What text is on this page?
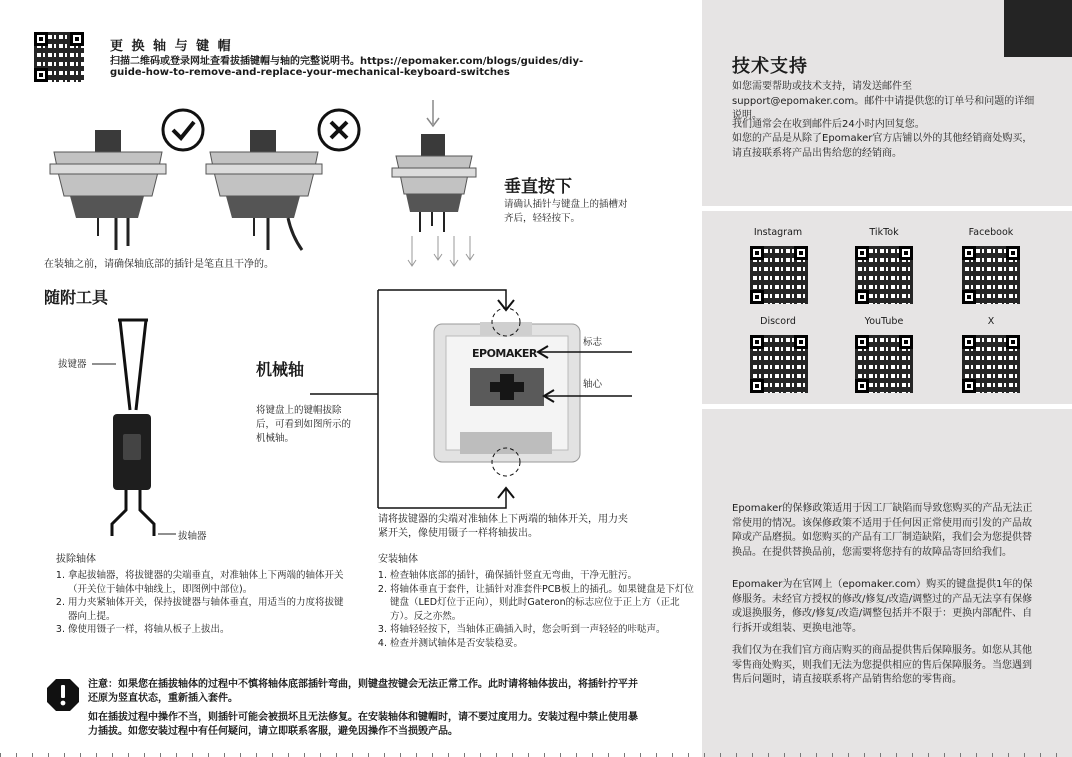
技术支持
如您需要帮助或技术支持，请发送邮件至support@epomaker.com。邮件中请提供您的订单号和问题的详细说明。
我们通常会在收到邮件后24小时内回复您。
如您的产品是从除了Epomaker官方店铺以外的其他经销商处购买，请直接联系将产品出售给您的经销商。
Instagram	TikTok	Facebook
Discord	YouTube	X
Epomaker的保修政策适用于因工厂缺陷而导致您购买的产品无法正常使用的情况。该保修政策不适用于任何因正常使用而引发的产品故障或产品磨损。如您购买的产品有工厂制造缺陷，我们会为您提供替换品。在提供替换品前，您需要将您持有的故障品寄回给我们。
Epomaker为在官网上（epomaker.com）购买的键盘提供1年的保修服务。未经官方授权的修改/修复/改造/调整过的产品无法享有保修或退换服务，修改/修复/改造/调整包括并不限于：更换内部配件、自行拆开或组装、更换电池等。
我们仅为在我们官方商店购买的商品提供售后保障服务。如您从其他零售商处购买，则我们无法为您提供相应的售后保障服务。当您遇到售后问题时，请直接联系将产品销售给您的零售商。
更 换 轴 与 键 帽
扫描二维码或登录网址查看拔插键帽与轴的完整说明书。https://epomaker.com/blogs/guides/diy-
guide-how-to-remove-and-replace-your-mechanical-keyboard-switches
在装轴之前，请确保轴底部的插针是笔直且干净的。
垂直按下
请确认插针与键盘上的插槽对
齐后，轻轻按下。
随附工具
拔键器
拔轴器
机械轴
将键盘上的键帽拔除
后，可看到如图所示的
机械轴。
EPOMAKER
标志
轴心
请将拔键器的尖端对准轴体上下两端的轴体开关，用力夹
紧开关，像使用镊子一样将轴拔出。
拔除轴体
1. 拿起拔轴器，将拔键器的尖端垂直，对准轴体上下两端的轴体开关（开关位于轴体中轴线上，即图例中部位)。
2. 用力夹紧轴体开关，保持拔键器与轴体垂直，用适当的力度将拔键器向上提。
3. 像使用镊子一样，将轴从板子上拔出。
安装轴体
1. 检查轴体底部的插针，确保插针竖直无弯曲，干净无脏污。
2. 将轴体垂直于套件，让插针对准套件PCB板上的插孔。如果键盘是下灯位键盘（LED灯位于正向），则此时Gateron的标志应位于正上方（正北方）。反之亦然。
3. 将轴轻轻按下，当轴体正确插入时，您会听到一声轻轻的咔哒声。
4. 检查并测试轴体是否安装稳妥。
注意：如果您在插拔轴体的过程中不慎将轴体底部插针弯曲，则键盘按键会无法正常工作。此时请将轴体拔出，将插针拧平并
还原为竖直状态，重新插入套件。
如在插拔过程中操作不当，则插针可能会被损坏且无法修复。在安装轴体和键帽时，请不要过度用力。安装过程中禁止使用暴
力插拔。如您安装过程中有任何疑问，请立即联系客服，避免因操作不当损毁产品。
